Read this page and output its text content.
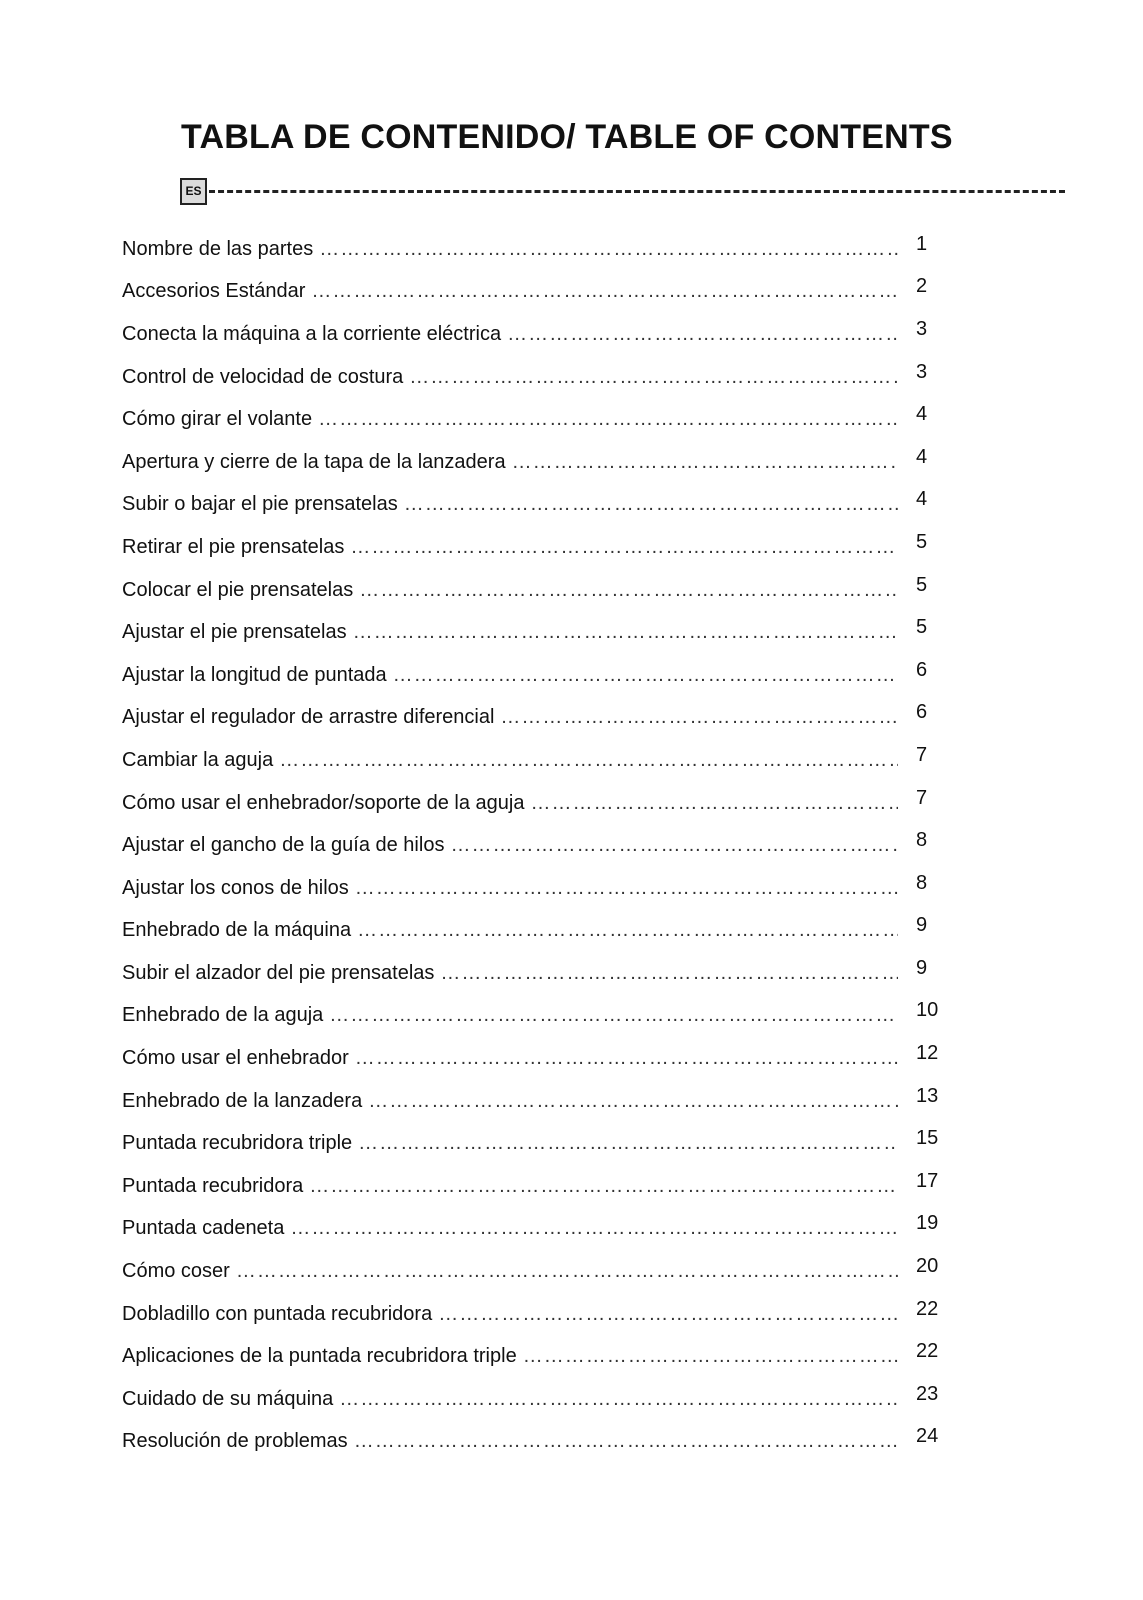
TABLA DE CONTENIDO/ TABLE OF CONTENTS
ES
Nombre de las partes ……………………………………………………………………………………………………………………………………………………………………………………	1
Accesorios Estándar ……………………………………………………………………………………………………………………………………………………………………………………	2
Conecta la máquina a la corriente eléctrica ……………………………………………………………………………………………………………………………………………………………………………………	3
Control de velocidad de costura ……………………………………………………………………………………………………………………………………………………………………………………	3
Cómo girar el volante ……………………………………………………………………………………………………………………………………………………………………………………	4
Apertura y cierre de la tapa de la lanzadera ……………………………………………………………………………………………………………………………………………………………………………………	4
Subir o bajar el pie prensatelas ……………………………………………………………………………………………………………………………………………………………………………………	4
Retirar el pie prensatelas ……………………………………………………………………………………………………………………………………………………………………………………	5
Colocar el pie prensatelas ……………………………………………………………………………………………………………………………………………………………………………………	5
Ajustar el pie prensatelas ……………………………………………………………………………………………………………………………………………………………………………………	5
Ajustar la longitud de puntada ……………………………………………………………………………………………………………………………………………………………………………………	6
Ajustar el regulador de arrastre diferencial ……………………………………………………………………………………………………………………………………………………………………………………	6
Cambiar la aguja ……………………………………………………………………………………………………………………………………………………………………………………	7
Cómo usar el enhebrador/soporte de la aguja ……………………………………………………………………………………………………………………………………………………………………………………	7
Ajustar el gancho de la guía de hilos ……………………………………………………………………………………………………………………………………………………………………………………	8
Ajustar los conos de hilos ……………………………………………………………………………………………………………………………………………………………………………………	8
Enhebrado de la máquina ……………………………………………………………………………………………………………………………………………………………………………………	9
Subir el alzador del pie prensatelas ……………………………………………………………………………………………………………………………………………………………………………………	9
Enhebrado de la aguja ……………………………………………………………………………………………………………………………………………………………………………………	10
Cómo usar el enhebrador ……………………………………………………………………………………………………………………………………………………………………………………	12
Enhebrado de la lanzadera ……………………………………………………………………………………………………………………………………………………………………………………	13
Puntada recubridora triple ……………………………………………………………………………………………………………………………………………………………………………………	15
Puntada recubridora ……………………………………………………………………………………………………………………………………………………………………………………	17
Puntada cadeneta ……………………………………………………………………………………………………………………………………………………………………………………	19
Cómo coser ……………………………………………………………………………………………………………………………………………………………………………………	20
Dobladillo con puntada recubridora ……………………………………………………………………………………………………………………………………………………………………………………	22
Aplicaciones de la puntada recubridora triple ……………………………………………………………………………………………………………………………………………………………………………………	22
Cuidado de su máquina ……………………………………………………………………………………………………………………………………………………………………………………	23
Resolución de problemas ……………………………………………………………………………………………………………………………………………………………………………………	24
